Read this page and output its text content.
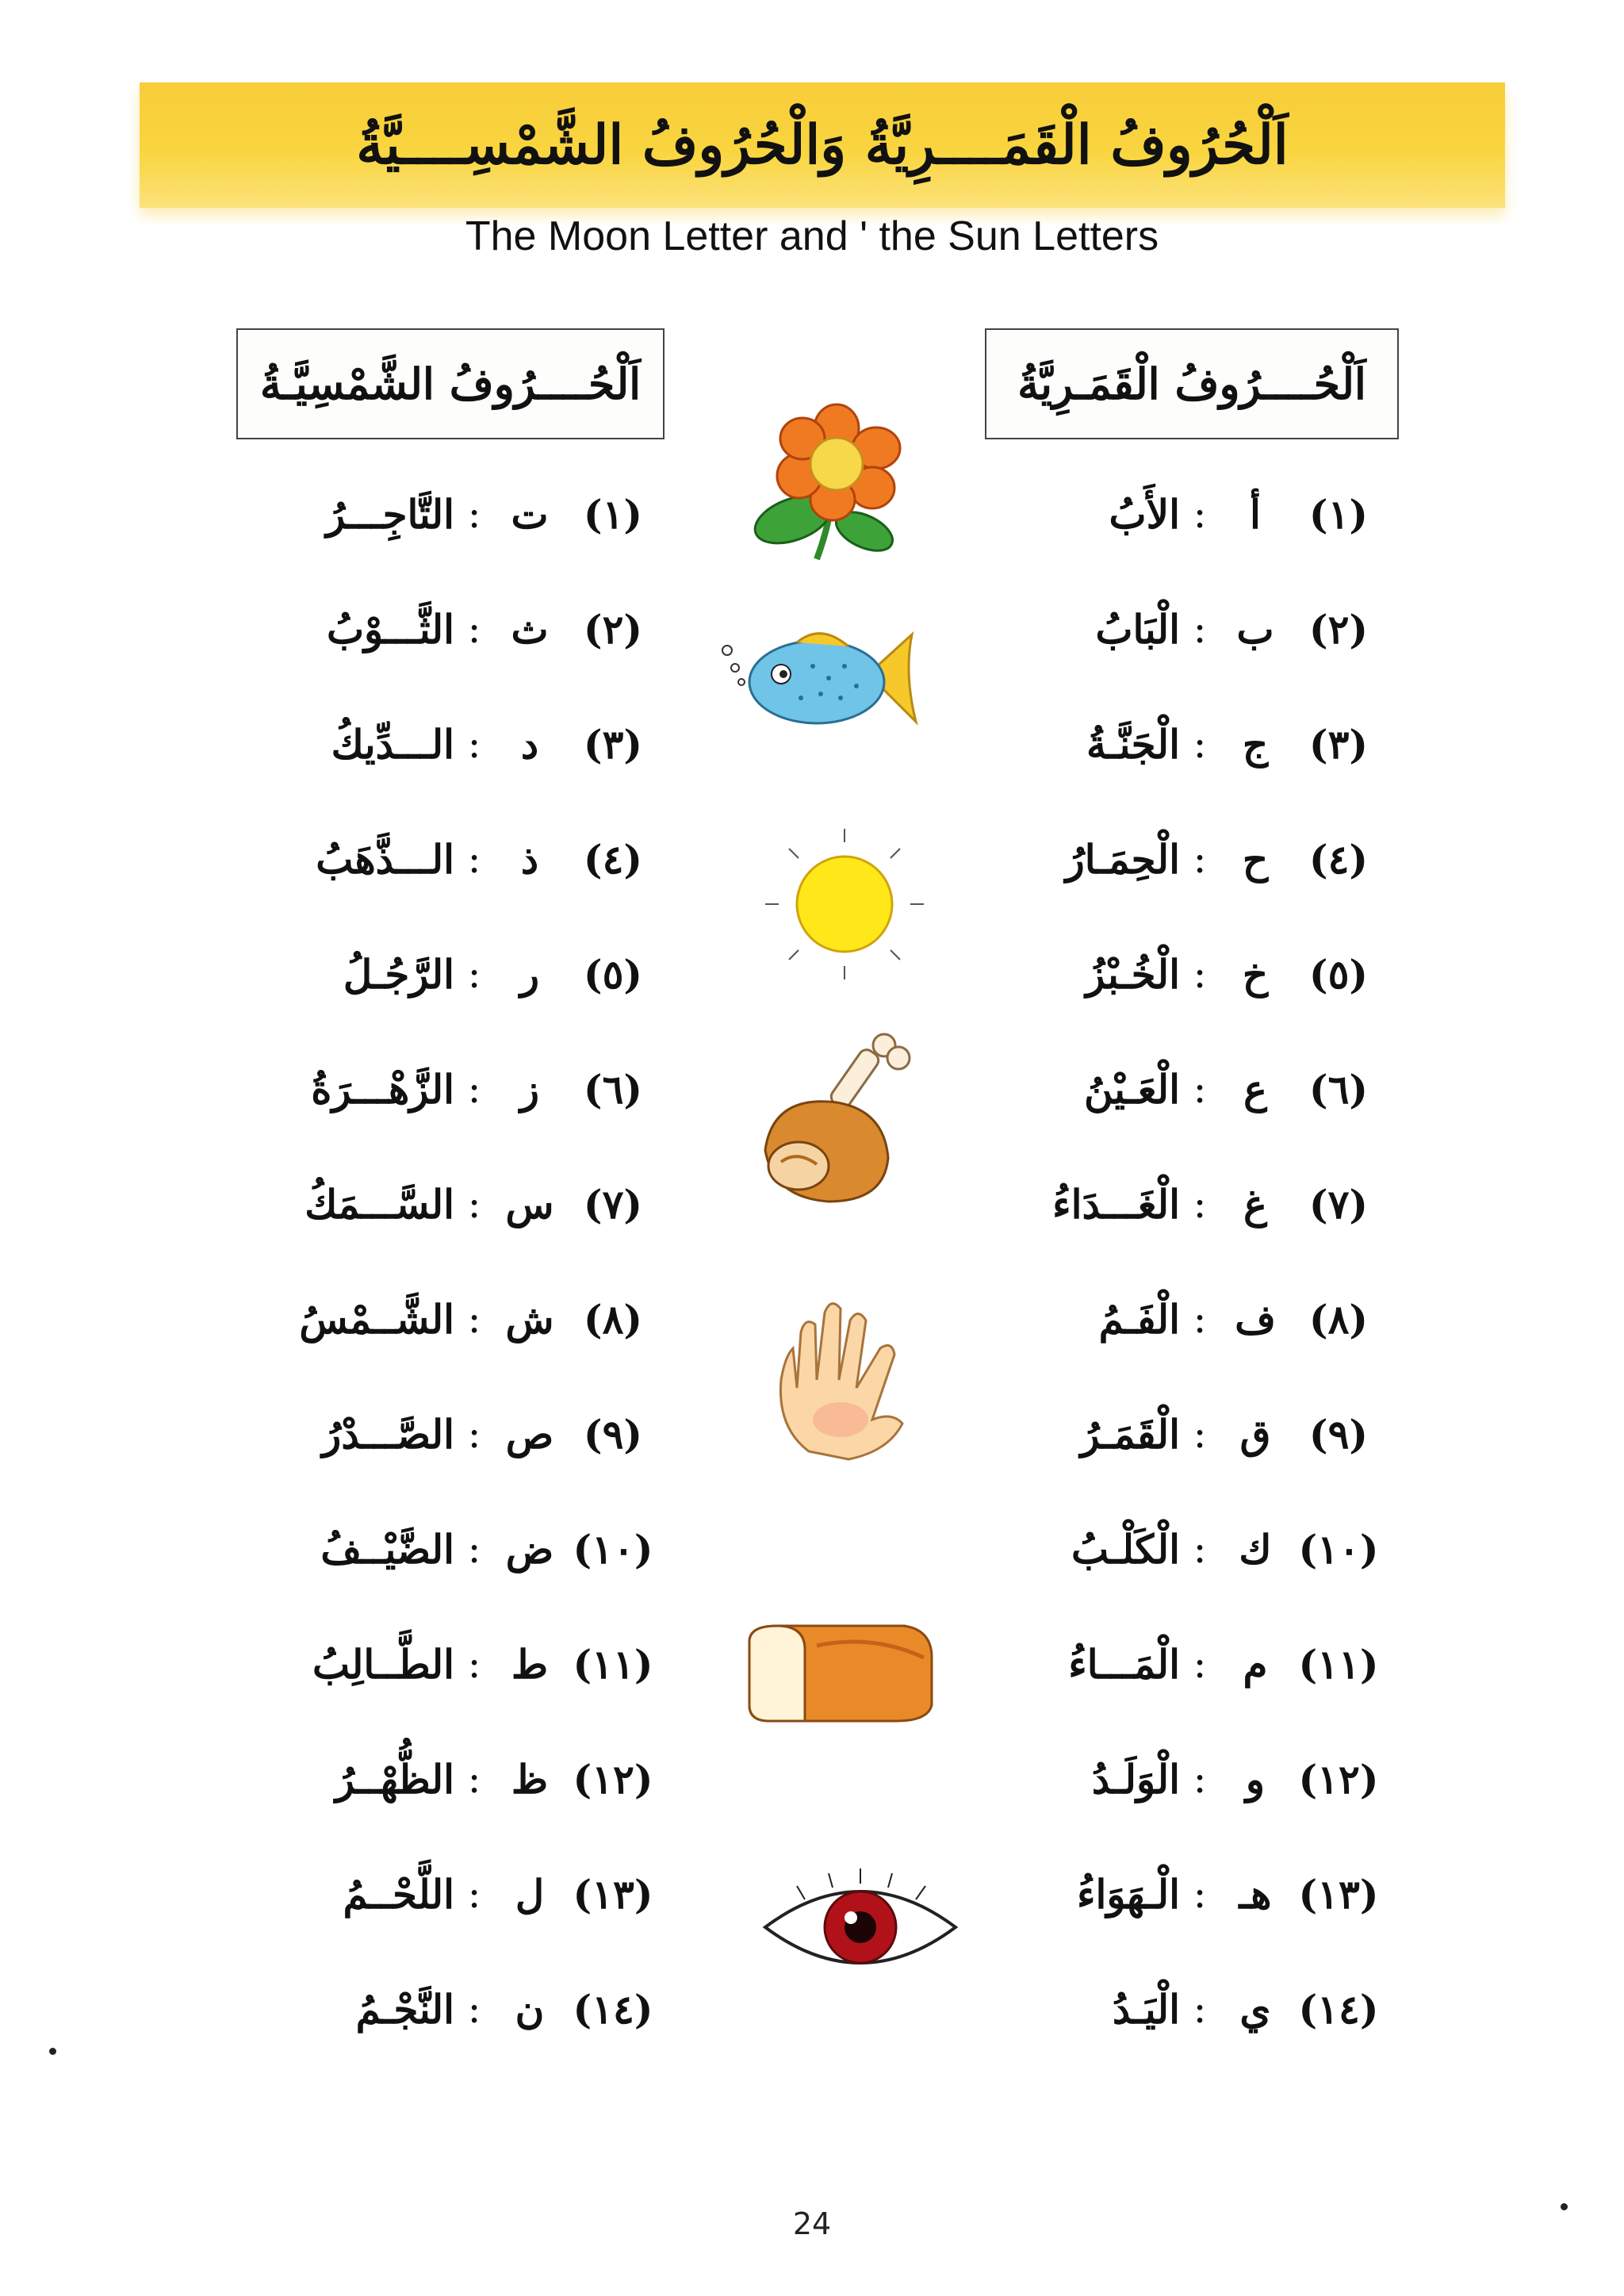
اَلْحُرُوفُ الْقَمَــــرِيَّةُ وَالْحُرُوفُ الشَّمْسِــــيَّةُ
The Moon Letter and ' the Sun Letters
اَلْحُــــرُوفُ الْقَمَـرِيَّةُ
اَلْحُــــرُوفُ الشَّمْسِيَّـةُ
(١)
أ
:
الأَبُ
(٢)
ب
:
الْبَابُ
(٣)
ج
:
الْجَنَّـةُ
(٤)
ح
:
الْحِمَـارُ
(٥)
خ
:
الْخُـبْزُ
(٦)
ع
:
الْعَـيْنُ
(٧)
غ
:
الْغَـــدَاءُ
(٨)
ف
:
الْفَـمُ
(٩)
ق
:
الْقَمَـرُ
(١٠)
ك
:
الْكَلْـبُ
(١١)
م
:
الْمَـــاءُ
(١٢)
و
:
الْوَلَـدُ
(١٣)
هـ
:
الْـهَوَاءُ
(١٤)
ي
:
الْيَـدُ
(١)
ت
:
التَّاجِـــرُ
(٢)
ث
:
الثَّـــوْبُ
(٣)
د
:
الـــدِّيكُ
(٤)
ذ
:
الـــذَّهَبُ
(٥)
ر
:
الرَّجُـلُ
(٦)
ز
:
الزَّهْـــرَةُ
(٧)
س
:
السَّـــمَكُ
(٨)
ش
:
الشَّــمْسُ
(٩)
ص
:
الصَّـــدْرُ
(١٠)
ض
:
الضَّيْــفُ
(١١)
ط
:
الطَّــالِبُ
(١٢)
ظ
:
الظُّهْــرُ
(١٣)
ل
:
اللَّحْــمُ
(١٤)
ن
:
النَّجْـمُ
24
